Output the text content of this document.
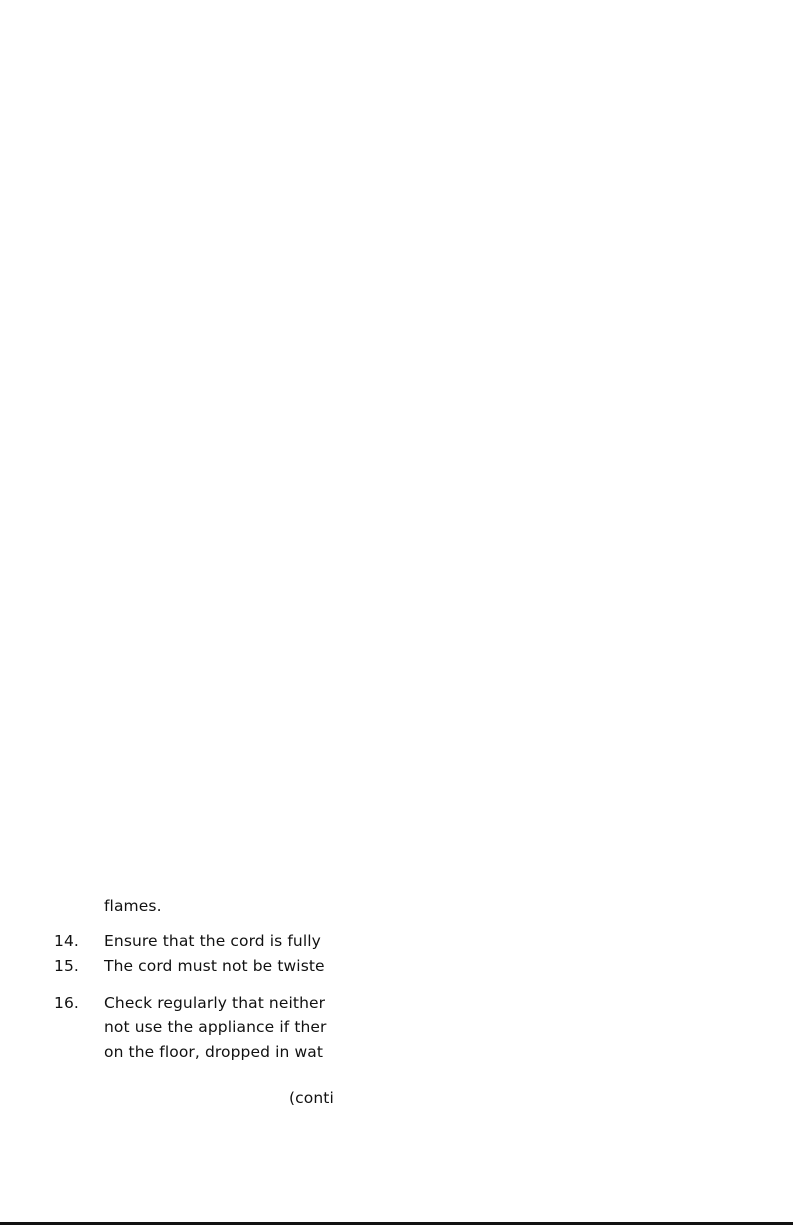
flames.
14. Ensure that the cord is fully
15. The cord must not be twiste
16. Check regularly that neither
not use the appliance if ther
on the floor, dropped in wat
(conti
